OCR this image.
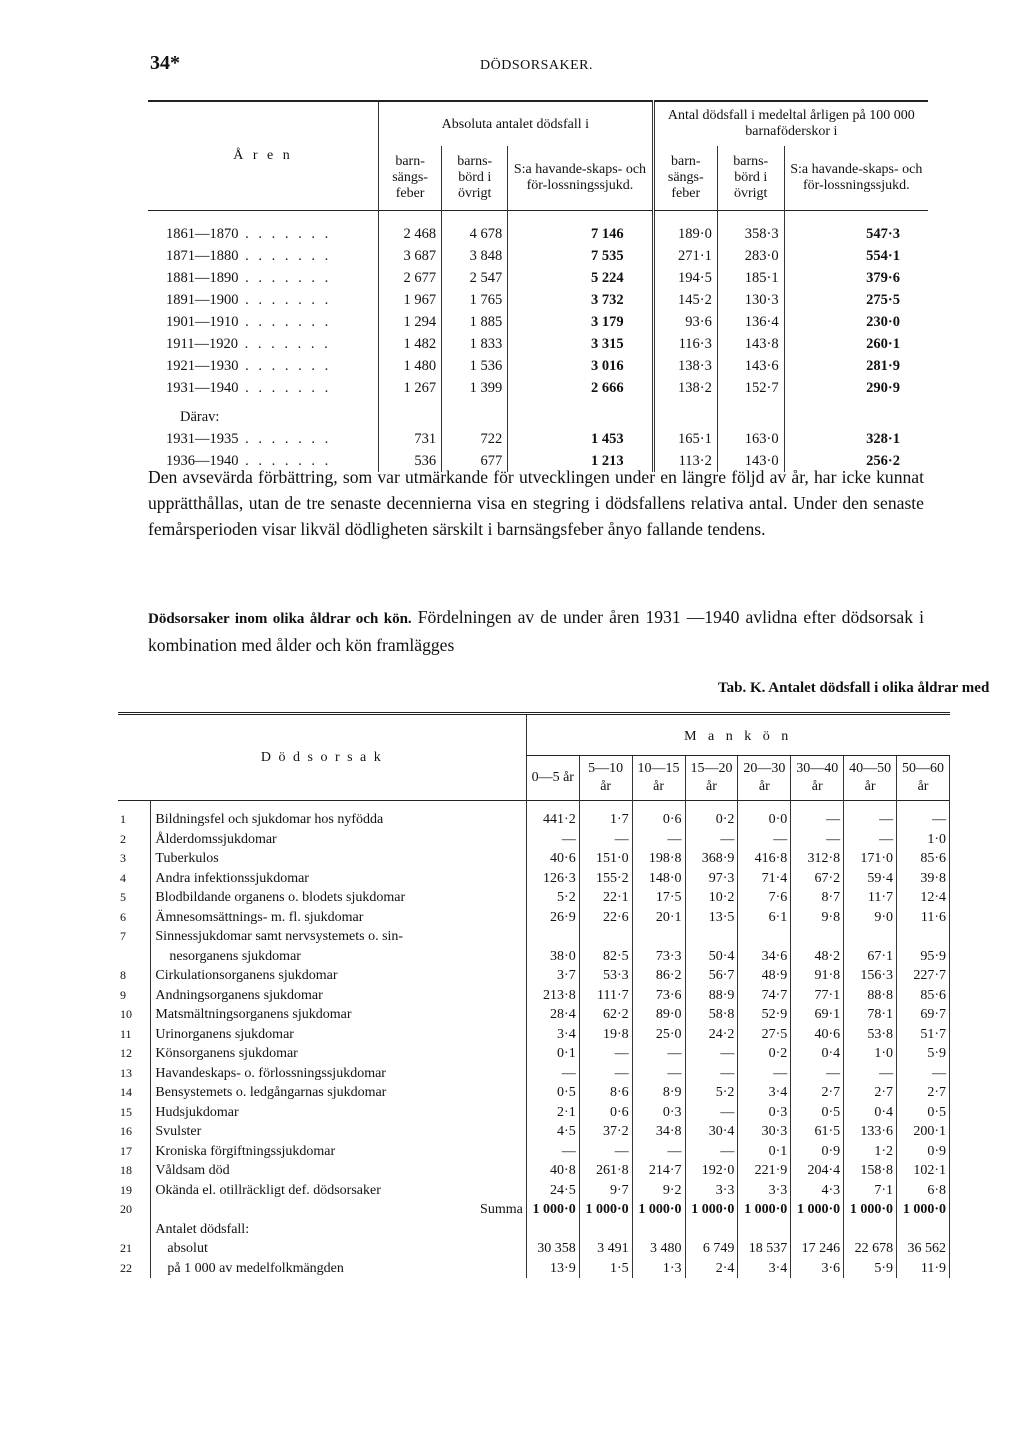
34*	DÖDSORSAKER.
Å r e n	Absoluta antalet dödsfall i			Antal dödsfall i medeltal årligen på 100 000 barnaföderskor i		
	barn-sängs-feber	barns-börd i övrigt	S:a havande-skaps- och för-lossningssjukd.	barn-sängs-feber	barns-börd i övrigt	S:a havande-skaps- och för-lossningssjukd.

1861—1870 . . . . . . .	2 468	4 678	7 146	189·0	358·3	547·3
1871—1880 . . . . . . .	3 687	3 848	7 535	271·1	283·0	554·1
1881—1890 . . . . . . .	2 677	2 547	5 224	194·5	185·1	379·6
1891—1900 . . . . . . .	1 967	1 765	3 732	145·2	130·3	275·5
1901—1910 . . . . . . .	1 294	1 885	3 179	93·6	136·4	230·0
1911—1920 . . . . . . .	1 482	1 833	3 315	116·3	143·8	260·1
1921—1930 . . . . . . .	1 480	1 536	3 016	138·3	143·6	281·9
1931—1940 . . . . . . .	1 267	1 399	2 666	138·2	152·7	290·9
Därav:						
1931—1935 . . . . . . .	731	722	1 453	165·1	163·0	328·1
1936—1940 . . . . . . .	536	677	1 213	113·2	143·0	256·2
Den avsevärda förbättring, som var utmärkande för utvecklingen under en längre följd av år, har icke kunnat upprätthållas, utan de tre senaste decennierna visa en stegring i dödsfallens relativa antal. Under den senaste femårsperioden visar likväl dödligheten särskilt i barnsängsfeber ånyo fallande tendens.
Dödsorsaker inom olika åldrar och kön. Fördelningen av de under åren 1931 —1940 avlidna efter dödsorsak i kombination med ålder och kön framlägges
Tab. K. Antalet dödsfall i olika åldrar med
	D ö d s o r s a k	M a n k ö n							
		0—5 år	5—10 år	10—15 år	15—20 år	20—30 år	30—40 år	40—50 år	50—60 år

1	Bildningsfel och sjukdomar hos nyfödda	441·2	1·7	0·6	0·2	0·0	—	—	—
2	Ålderdomssjukdomar	—	—	—	—	—	—	—	1·0
3	Tuberkulos	40·6	151·0	198·8	368·9	416·8	312·8	171·0	85·6
4	Andra infektionssjukdomar	126·3	155·2	148·0	97·3	71·4	67·2	59·4	39·8
5	Blodbildande organens o. blodets sjukdomar	5·2	22·1	17·5	10·2	7·6	8·7	11·7	12·4
6	Ämnesomsättnings- m. fl. sjukdomar	26·9	22·6	20·1	13·5	6·1	9·8	9·0	11·6
7	Sinnessjukdomar samt nervsystemets o. sin-								
	nesorganens sjukdomar	38·0	82·5	73·3	50·4	34·6	48·2	67·1	95·9
8	Cirkulationsorganens sjukdomar	3·7	53·3	86·2	56·7	48·9	91·8	156·3	227·7
9	Andningsorganens sjukdomar	213·8	111·7	73·6	88·9	74·7	77·1	88·8	85·6
10	Matsmältningsorganens sjukdomar	28·4	62·2	89·0	58·8	52·9	69·1	78·1	69·7
11	Urinorganens sjukdomar	3·4	19·8	25·0	24·2	27·5	40·6	53·8	51·7
12	Könsorganens sjukdomar	0·1	—	—	—	0·2	0·4	1·0	5·9
13	Havandeskaps- o. förlossningssjukdomar	—	—	—	—	—	—	—	—
14	Bensystemets o. ledgångarnas sjukdomar	0·5	8·6	8·9	5·2	3·4	2·7	2·7	2·7
15	Hudsjukdomar	2·1	0·6	0·3	—	0·3	0·5	0·4	0·5
16	Svulster	4·5	37·2	34·8	30·4	30·3	61·5	133·6	200·1
17	Kroniska förgiftningssjukdomar	—	—	—	—	0·1	0·9	1·2	0·9
18	Våldsam död	40·8	261·8	214·7	192·0	221·9	204·4	158·8	102·1
19	Okända el. otillräckligt def. dödsorsaker	24·5	9·7	9·2	3·3	3·3	4·3	7·1	6·8
20	Summa	1 000·0	1 000·0	1 000·0	1 000·0	1 000·0	1 000·0	1 000·0	1 000·0
	Antalet dödsfall:								
21	absolut	30 358	3 491	3 480	6 749	18 537	17 246	22 678	36 562
22	på 1 000 av medelfolkmängden	13·9	1·5	1·3	2·4	3·4	3·6	5·9	11·9
